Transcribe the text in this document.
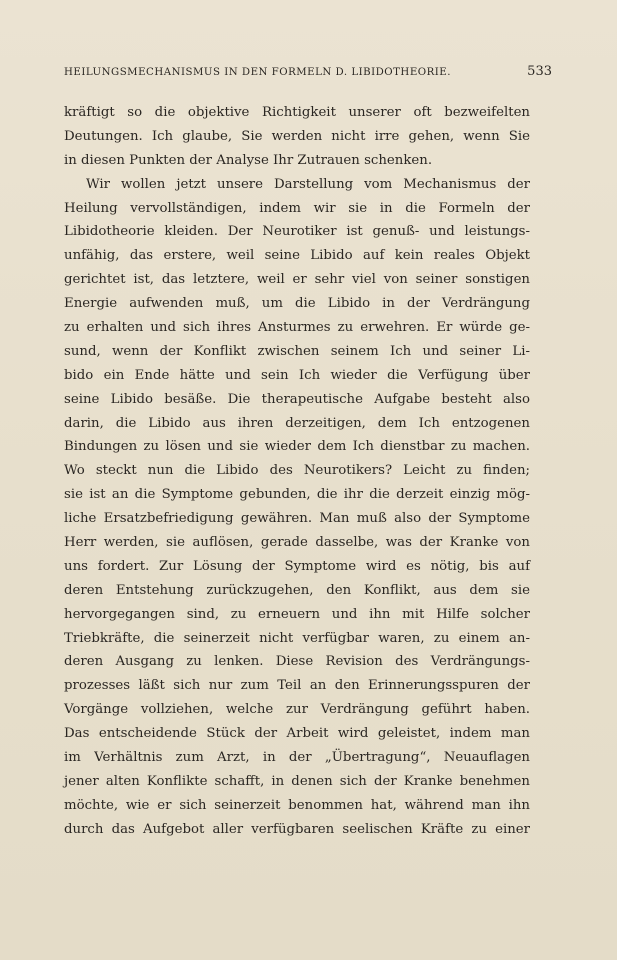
HEILUNGSMECHANISMUS IN DEN FORMELN D. LIBIDOTHEORIE.	533
kräftigt so die objektive Richtigkeit unserer oft bezweifelten
Deutungen. Ich glaube, Sie werden nicht irre gehen, wenn Sie
in diesen Punkten der Analyse Ihr Zutrauen schenken.
Wir wollen jetzt unsere Darstellung vom Mechanismus der
Heilung vervollständigen, indem wir sie in die Formeln der
Libidotheorie kleiden. Der Neurotiker ist genuß- und leistungs-
unfähig, das erstere, weil seine Libido auf kein reales Objekt
gerichtet ist, das letztere, weil er sehr viel von seiner sonstigen
Energie aufwenden muß, um die Libido in der Verdrängung
zu erhalten und sich ihres Ansturmes zu erwehren. Er würde ge-
sund, wenn der Konflikt zwischen seinem Ich und seiner Li-
bido ein Ende hätte und sein Ich wieder die Verfügung über
seine Libido besäße. Die therapeutische Aufgabe besteht also
darin, die Libido aus ihren derzeitigen, dem Ich entzogenen
Bindungen zu lösen und sie wieder dem Ich dienstbar zu machen.
Wo steckt nun die Libido des Neurotikers? Leicht zu finden;
sie ist an die Symptome gebunden, die ihr die derzeit einzig mög-
liche Ersatzbefriedigung gewähren. Man muß also der Symptome
Herr werden, sie auflösen, gerade dasselbe, was der Kranke von
uns fordert. Zur Lösung der Symptome wird es nötig, bis auf
deren Entstehung zurückzugehen, den Konflikt, aus dem sie
hervorgegangen sind, zu erneuern und ihn mit Hilfe solcher
Triebkräfte, die seinerzeit nicht verfügbar waren, zu einem an-
deren Ausgang zu lenken. Diese Revision des Verdrängungs-
prozesses läßt sich nur zum Teil an den Erinnerungsspuren der
Vorgänge vollziehen, welche zur Verdrängung geführt haben.
Das entscheidende Stück der Arbeit wird geleistet, indem man
im Verhältnis zum Arzt, in der „Übertragung“, Neuauflagen
jener alten Konflikte schafft, in denen sich der Kranke benehmen
möchte, wie er sich seinerzeit benommen hat, während man ihn
durch das Aufgebot aller verfügbaren seelischen Kräfte zu einer
